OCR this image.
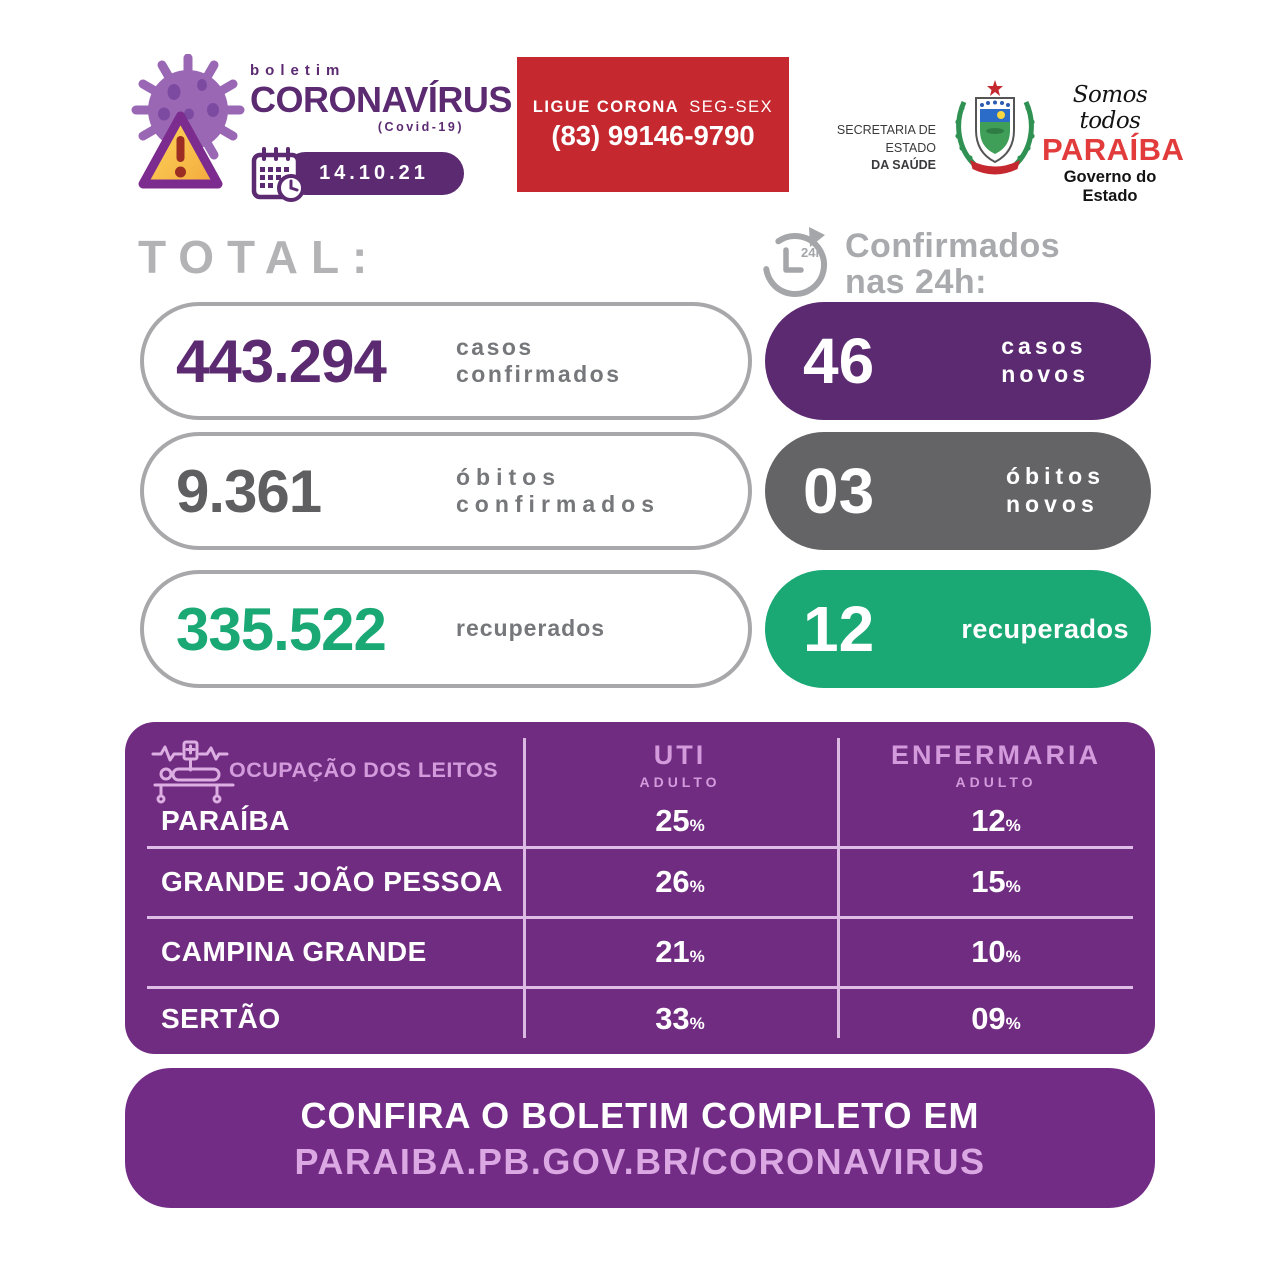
boletim
CORONAVÍRUS
(Covid-19)
14.10.21
LIGUE CORONA SEG-SEX
(83) 99146-9790	SECRETARIA DE ESTADO
DA SAÚDE
Somos todos
PARAÍBA
Governo do Estado
TOTAL:
443.294	casos
confirmados
9.361	óbitos
confirmados
335.522	recuperados
24h Confirmados
nas 24h:
46	casos
novos
03	óbitos
novos
12	recuperados
OCUPAÇÃO DOS LEITOS	UTI
ADULTO
ENFERMARIA
ADULTO
PARAÍBA	25%	12%
GRANDE JOÃO PESSOA	26%	15%
CAMPINA GRANDE	21%	10%
SERTÃO	33%	09%
CONFIRA O BOLETIM COMPLETO EM
PARAIBA.PB.GOV.BR/CORONAVIRUS
